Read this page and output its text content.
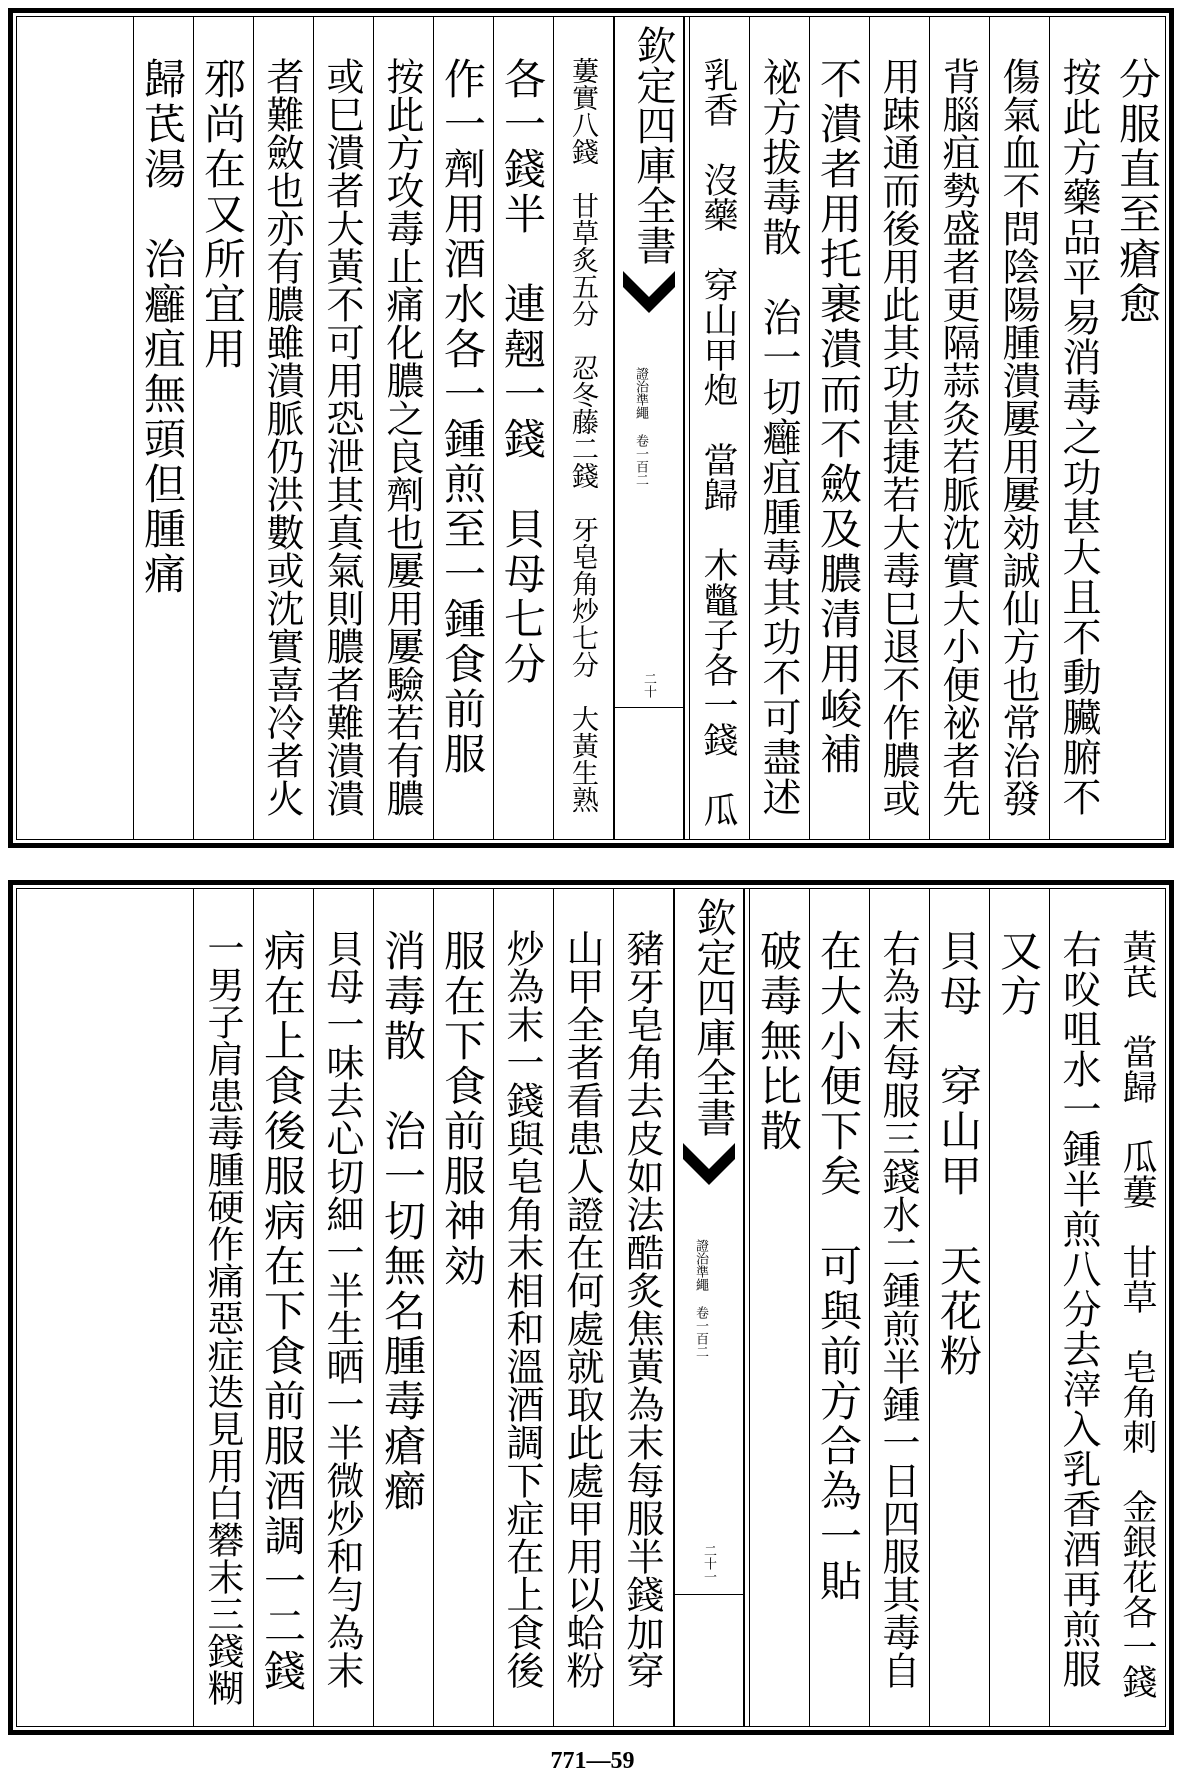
分服直至瘡愈
按此方藥品平易消毒之功甚大且不動臟腑不
傷氣血不問陰陽腫潰屢用屢効誠仙方也常治發
背腦疽勢盛者更隔蒜灸若脈沈實大小便祕者先
用踈通而後用此其功甚捷若大毒巳退不作膿或
不潰者用托裹潰而不斂及膿清用峻補
祕方拔毒散　治一切癰疽腫毒其功不可盡述
乳香　沒藥　穿山甲炮　當歸　木鼈子各一錢　瓜
欽定四庫全書
證治準繩 卷一百二
二十
蔞實八錢　甘草炙五分　忍冬藤二錢　牙皂角炒七分　大黃生熟
各一錢半　連翹一錢　貝母七分
作一劑用酒水各一鍾煎至一鍾食前服
按此方攻毒止痛化膿之良劑也屢用屢驗若有膿
或巳潰者大黃不可用恐泄其真氣則膿者難潰潰
者難斂也亦有膿雖潰脈仍洪數或沈實喜冷者火
邪尚在又所宜用
歸芪湯　治癰疽無頭但腫痛
黃芪　當歸　瓜蔞　甘草　皂角刺　金銀花各一錢
右㕮咀水一鍾半煎八分去滓入乳香酒再煎服
又方
貝母　穿山甲　天花粉
右為末每服三錢水二鍾煎半鍾一日四服其毒自
在大小便下矣　可與前方合為一貼
破毒無比散
欽定四庫全書
證治準繩 卷一百二
二十一
豬牙皂角去皮如法酷炙焦黃為末每服半錢加穿
山甲全者看患人證在何處就取此處甲用以蛤粉
炒為末一錢與皂角末相和溫酒調下症在上食後
服在下食前服神効
消毒散　治一切無名腫毒瘡癤
貝母一味去心切細一半生晒一半微炒和勻為末
病在上食後服病在下食前服酒調一二錢
一男子肩患毒腫硬作痛惡症迭見用白礬末三錢糊
771—59
